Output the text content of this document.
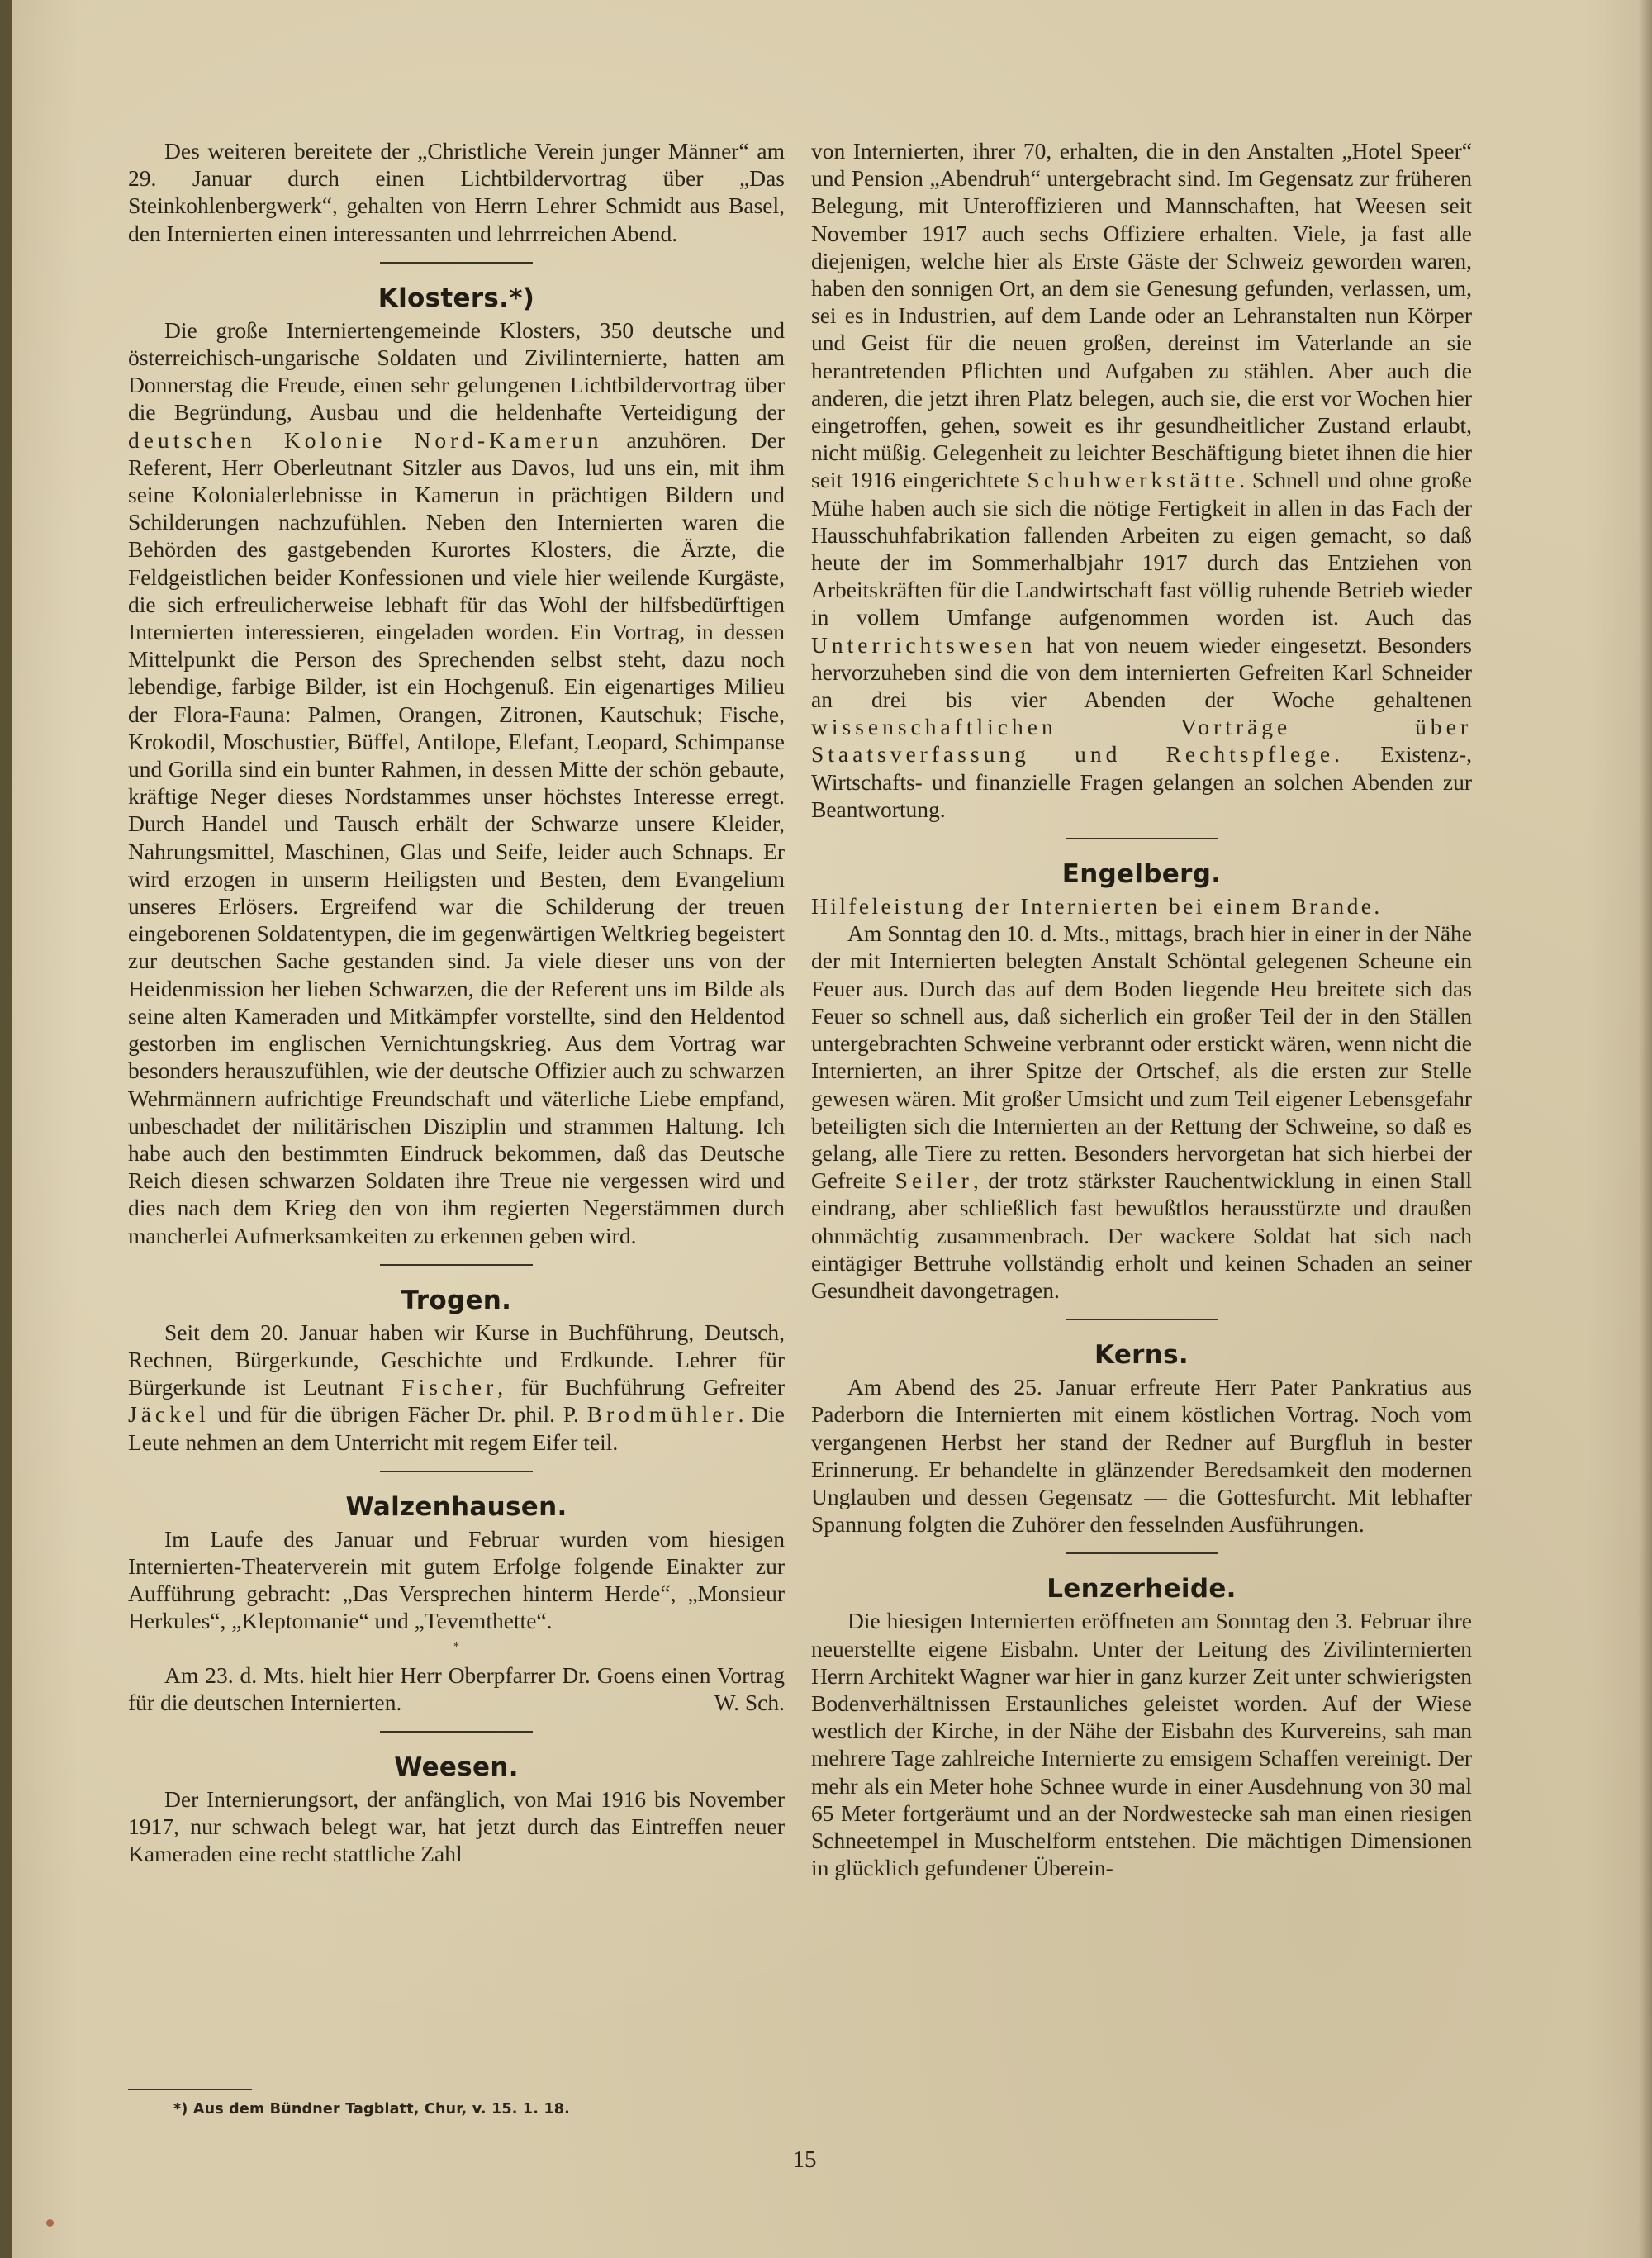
Des weiteren bereitete der „Christliche Verein junger Männer“ am 29. Januar durch einen Lichtbildervortrag über „Das Steinkohlenbergwerk“, gehalten von Herrn Lehrer Schmidt aus Basel, den Internierten einen interessanten und lehrrreichen Abend.

Klosters.*)

Die große Interniertengemeinde Klosters, 350 deutsche und österreichisch-ungarische Soldaten und Zivilinternierte, hatten am Donnerstag die Freude, einen sehr gelungenen Lichtbildervortrag über die Begründung, Ausbau und die heldenhafte Verteidigung der deutschen Kolonie Nord-Kamerun anzuhören. Der Referent, Herr Oberleutnant Sitzler aus Davos, lud uns ein, mit ihm seine Kolonialerlebnisse in Kamerun in prächtigen Bildern und Schilderungen nachzufühlen. Neben den Internierten waren die Behörden des gastgebenden Kurortes Klosters, die Ärzte, die Feldgeistlichen beider Konfessionen und viele hier weilende Kurgäste, die sich erfreulicherweise lebhaft für das Wohl der hilfsbedürftigen Internierten interessieren, eingeladen worden. Ein Vortrag, in dessen Mittelpunkt die Person des Sprechenden selbst steht, dazu noch lebendige, farbige Bilder, ist ein Hochgenuß. Ein eigenartiges Milieu der Flora-Fauna: Palmen, Orangen, Zitronen, Kautschuk; Fische, Krokodil, Moschustier, Büffel, Antilope, Elefant, Leopard, Schimpanse und Gorilla sind ein bunter Rahmen, in dessen Mitte der schön gebaute, kräftige Neger dieses Nordstammes unser höchstes Interesse erregt. Durch Handel und Tausch erhält der Schwarze unsere Kleider, Nahrungsmittel, Maschinen, Glas und Seife, leider auch Schnaps. Er wird erzogen in unserm Heiligsten und Besten, dem Evangelium unseres Erlösers. Ergreifend war die Schilderung der treuen eingeborenen Soldatentypen, die im gegenwärtigen Weltkrieg begeistert zur deutschen Sache gestanden sind. Ja viele dieser uns von der Heidenmission her lieben Schwarzen, die der Referent uns im Bilde als seine alten Kameraden und Mitkämpfer vorstellte, sind den Heldentod gestorben im englischen Vernichtungskrieg. Aus dem Vortrag war besonders herauszufühlen, wie der deutsche Offizier auch zu schwarzen Wehrmännern aufrichtige Freundschaft und väterliche Liebe empfand, unbeschadet der militärischen Disziplin und strammen Haltung. Ich habe auch den bestimmten Eindruck bekommen, daß das Deutsche Reich diesen schwarzen Soldaten ihre Treue nie vergessen wird und dies nach dem Krieg den von ihm regierten Negerstämmen durch mancherlei Aufmerksamkeiten zu erkennen geben wird.

Trogen.

Seit dem 20. Januar haben wir Kurse in Buchführung, Deutsch, Rechnen, Bürgerkunde, Geschichte und Erdkunde. Lehrer für Bürgerkunde ist Leutnant Fischer, für Buchführung Gefreiter Jäckel und für die übrigen Fächer Dr. phil. P. Brodmühler. Die Leute nehmen an dem Unterricht mit regem Eifer teil.

Walzenhausen.

Im Laufe des Januar und Februar wurden vom hiesigen Internierten-Theaterverein mit gutem Erfolge folgende Einakter zur Aufführung gebracht: „Das Versprechen hinterm Herde“, „Monsieur Herkules“, „Kleptomanie“ und „Tevemthette“.

*

Am 23. d. Mts. hielt hier Herr Oberpfarrer Dr. Goens einen Vortrag für die deutschen Internierten.	W. Sch.

Weesen.

Der Internierungsort, der anfänglich, von Mai 1916 bis November 1917, nur schwach belegt war, hat jetzt durch das Eintreffen neuer Kameraden eine recht stattliche Zahl

von Internierten, ihrer 70, erhalten, die in den Anstalten „Hotel Speer“ und Pension „Abendruh“ untergebracht sind. Im Gegensatz zur früheren Belegung, mit Unteroffizieren und Mannschaften, hat Weesen seit November 1917 auch sechs Offiziere erhalten. Viele, ja fast alle diejenigen, welche hier als Erste Gäste der Schweiz geworden waren, haben den sonnigen Ort, an dem sie Genesung gefunden, verlassen, um, sei es in Industrien, auf dem Lande oder an Lehranstalten nun Körper und Geist für die neuen großen, dereinst im Vaterlande an sie herantretenden Pflichten und Aufgaben zu stählen. Aber auch die anderen, die jetzt ihren Platz belegen, auch sie, die erst vor Wochen hier eingetroffen, gehen, soweit es ihr gesundheitlicher Zustand erlaubt, nicht müßig. Gelegenheit zu leichter Beschäftigung bietet ihnen die hier seit 1916 eingerichtete Schuhwerkstätte. Schnell und ohne große Mühe haben auch sie sich die nötige Fertigkeit in allen in das Fach der Hausschuhfabrikation fallenden Arbeiten zu eigen gemacht, so daß heute der im Sommerhalbjahr 1917 durch das Entziehen von Arbeitskräften für die Landwirtschaft fast völlig ruhende Betrieb wieder in vollem Umfange aufgenommen worden ist. Auch das Unterrichtswesen hat von neuem wieder eingesetzt. Besonders hervorzuheben sind die von dem internierten Gefreiten Karl Schneider an drei bis vier Abenden der Woche gehaltenen wissenschaftlichen Vorträge über Staatsverfassung und Rechtspflege. Existenz-, Wirtschafts- und finanzielle Fragen gelangen an solchen Abenden zur Beantwortung.

Engelberg.

Hilfeleistung der Internierten bei einem Brande.

Am Sonntag den 10. d. Mts., mittags, brach hier in einer in der Nähe der mit Internierten belegten Anstalt Schöntal gelegenen Scheune ein Feuer aus. Durch das auf dem Boden liegende Heu breitete sich das Feuer so schnell aus, daß sicherlich ein großer Teil der in den Ställen untergebrachten Schweine verbrannt oder erstickt wären, wenn nicht die Internierten, an ihrer Spitze der Ortschef, als die ersten zur Stelle gewesen wären. Mit großer Umsicht und zum Teil eigener Lebensgefahr beteiligten sich die Internierten an der Rettung der Schweine, so daß es gelang, alle Tiere zu retten. Besonders hervorgetan hat sich hierbei der Gefreite Seiler, der trotz stärkster Rauchentwicklung in einen Stall eindrang, aber schließlich fast bewußtlos herausstürzte und draußen ohnmächtig zusammenbrach. Der wackere Soldat hat sich nach eintägiger Bettruhe vollständig erholt und keinen Schaden an seiner Gesundheit davongetragen.

Kerns.

Am Abend des 25. Januar erfreute Herr Pater Pankratius aus Paderborn die Internierten mit einem köstlichen Vortrag. Noch vom vergangenen Herbst her stand der Redner auf Burgfluh in bester Erinnerung. Er behandelte in glänzender Beredsamkeit den modernen Unglauben und dessen Gegensatz — die Gottesfurcht. Mit lebhafter Spannung folgten die Zuhörer den fesselnden Ausführungen.

Lenzerheide.

Die hiesigen Internierten eröffneten am Sonntag den 3. Februar ihre neuerstellte eigene Eisbahn. Unter der Leitung des Zivilinternierten Herrn Architekt Wagner war hier in ganz kurzer Zeit unter schwierigsten Bodenverhältnissen Erstaunliches geleistet worden. Auf der Wiese westlich der Kirche, in der Nähe der Eisbahn des Kurvereins, sah man mehrere Tage zahlreiche Internierte zu emsigem Schaffen vereinigt. Der mehr als ein Meter hohe Schnee wurde in einer Ausdehnung von 30 mal 65 Meter fortgeräumt und an der Nordwestecke sah man einen riesigen Schneetempel in Muschelform entstehen. Die mächtigen Dimensionen in glücklich gefundener Überein-

*) Aus dem Bündner Tagblatt, Chur, v. 15. 1. 18.
15
